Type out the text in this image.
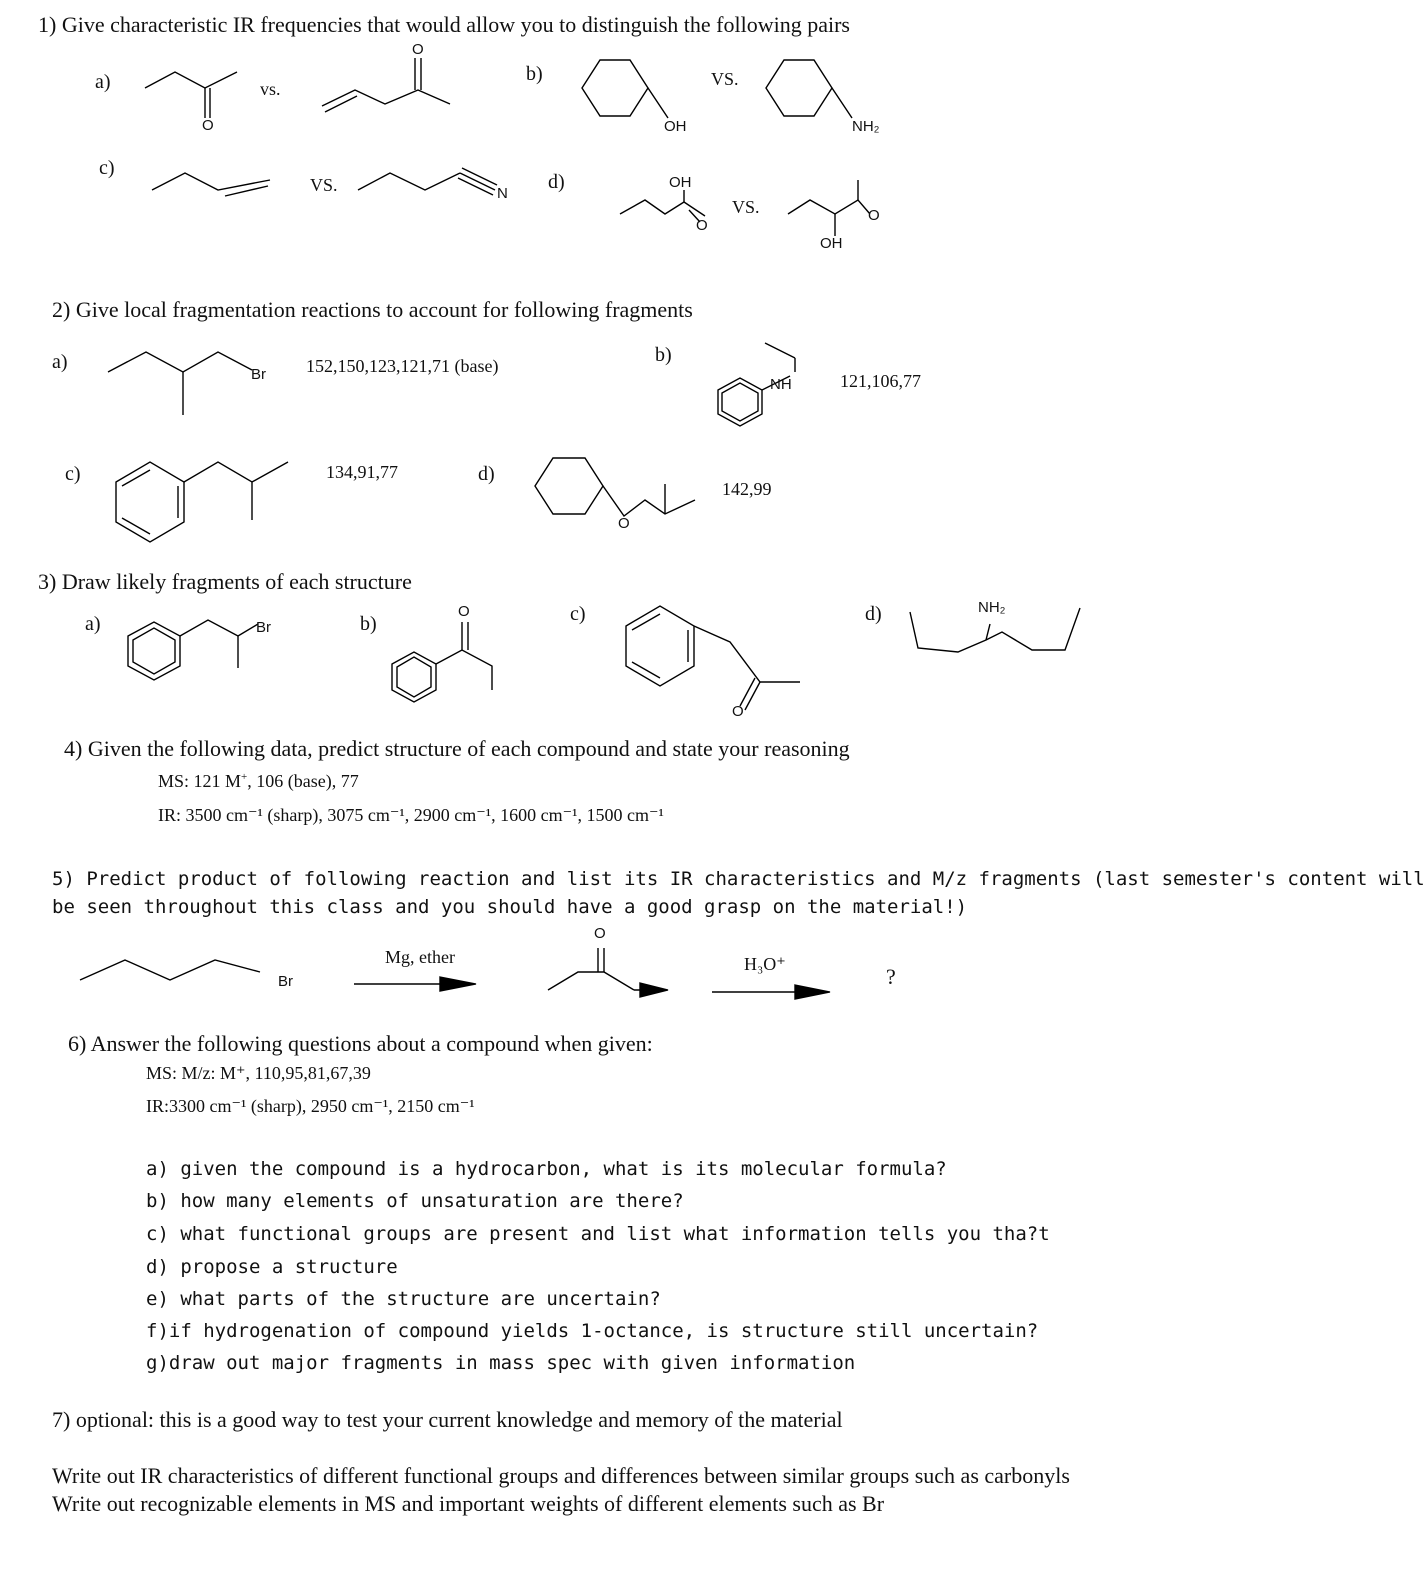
1) Give characteristic IR frequencies that would allow you to distinguish the following pairs
a)	vs.
O
O
b)	VS.
OH	NH₂
c)
VS.	N
d)	OH
O
VS.
OH
O
2) Give local fragmentation reactions to account for following fragments
a)
Br 152,150,123,121,71 (base)	b)
NH	121,106,77
c)	134,91,77	d)
O
142,99
3) Draw likely fragments of each structure
a)	Br	b)
O	c)
O
d)	NH₂
4) Given the following data, predict structure of each compound and state your reasoning
MS: 121 M+, 106 (base), 77
IR: 3500 cm⁻¹ (sharp), 3075 cm⁻¹, 2900 cm⁻¹, 1600 cm⁻¹, 1500 cm⁻¹
5) Predict product of following reaction and list its IR characteristics and M/z fragments (last semester's content will
be seen throughout this class and you should have a good grasp on the material!)
Br
Mg, ether
O
H₃O⁺	?
6) Answer the following questions about a compound when given:
MS: M/z: M⁺, 110,95,81,67,39
IR:3300 cm⁻¹ (sharp), 2950 cm⁻¹, 2150 cm⁻¹
a) given the compound is a hydrocarbon, what is its molecular formula?
b) how many elements of unsaturation are there?
c) what functional groups are present and list what information tells you tha?t
d) propose a structure
e) what parts of the structure are uncertain?
f)if hydrogenation of compound yields 1-octance, is structure still uncertain?
g)draw out major fragments in mass spec with given information
7) optional: this is a good way to test your current knowledge and memory of the material
Write out IR characteristics of different functional groups and differences between similar groups such as carbonyls
Write out recognizable elements in MS and important weights of different elements such as Br
